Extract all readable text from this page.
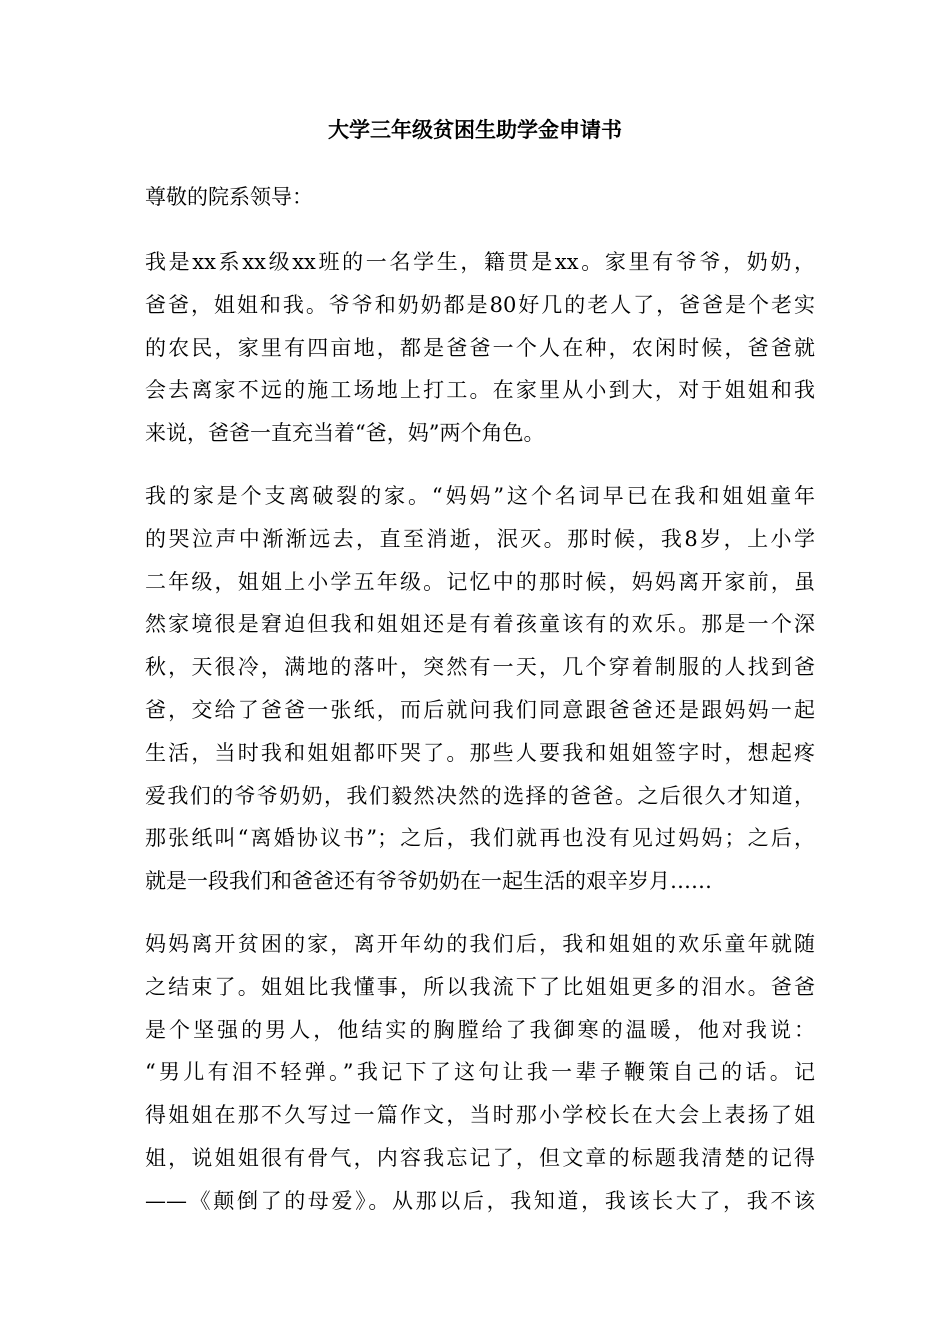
大学三年级贫困生助学金申请书

尊敬的院系领导：

我是xx系xx级xx班的一名学生，籍贯是xx。家里有爷爷，奶奶，
爸爸，姐姐和我。爷爷和奶奶都是80好几的老人了，爸爸是个老实
的农民，家里有四亩地，都是爸爸一个人在种，农闲时候，爸爸就
会去离家不远的施工场地上打工。在家里从小到大，对于姐姐和我
来说，爸爸一直充当着“爸，妈”两个角色。
我的家是个支离破裂的家。“妈妈”这个名词早已在我和姐姐童年
的哭泣声中渐渐远去，直至消逝，泯灭。那时候，我8岁，上小学
二年级，姐姐上小学五年级。记忆中的那时候，妈妈离开家前，虽
然家境很是窘迫但我和姐姐还是有着孩童该有的欢乐。那是一个深
秋，天很冷，满地的落叶，突然有一天，几个穿着制服的人找到爸
爸，交给了爸爸一张纸，而后就问我们同意跟爸爸还是跟妈妈一起
生活，当时我和姐姐都吓哭了。那些人要我和姐姐签字时，想起疼
爱我们的爷爷奶奶，我们毅然决然的选择的爸爸。之后很久才知道，
那张纸叫“离婚协议书”；之后，我们就再也没有见过妈妈；之后，
就是一段我们和爸爸还有爷爷奶奶在一起生活的艰辛岁月……
妈妈离开贫困的家，离开年幼的我们后，我和姐姐的欢乐童年就随
之结束了。姐姐比我懂事，所以我流下了比姐姐更多的泪水。爸爸
是个坚强的男人，他结实的胸膛给了我御寒的温暖，他对我说：
“男儿有泪不轻弹。”我记下了这句让我一辈子鞭策自己的话。记
得姐姐在那不久写过一篇作文，当时那小学校长在大会上表扬了姐
姐，说姐姐很有骨气，内容我忘记了，但文章的标题我清楚的记得
——《颠倒了的母爱》。从那以后，我知道，我该长大了，我不该
